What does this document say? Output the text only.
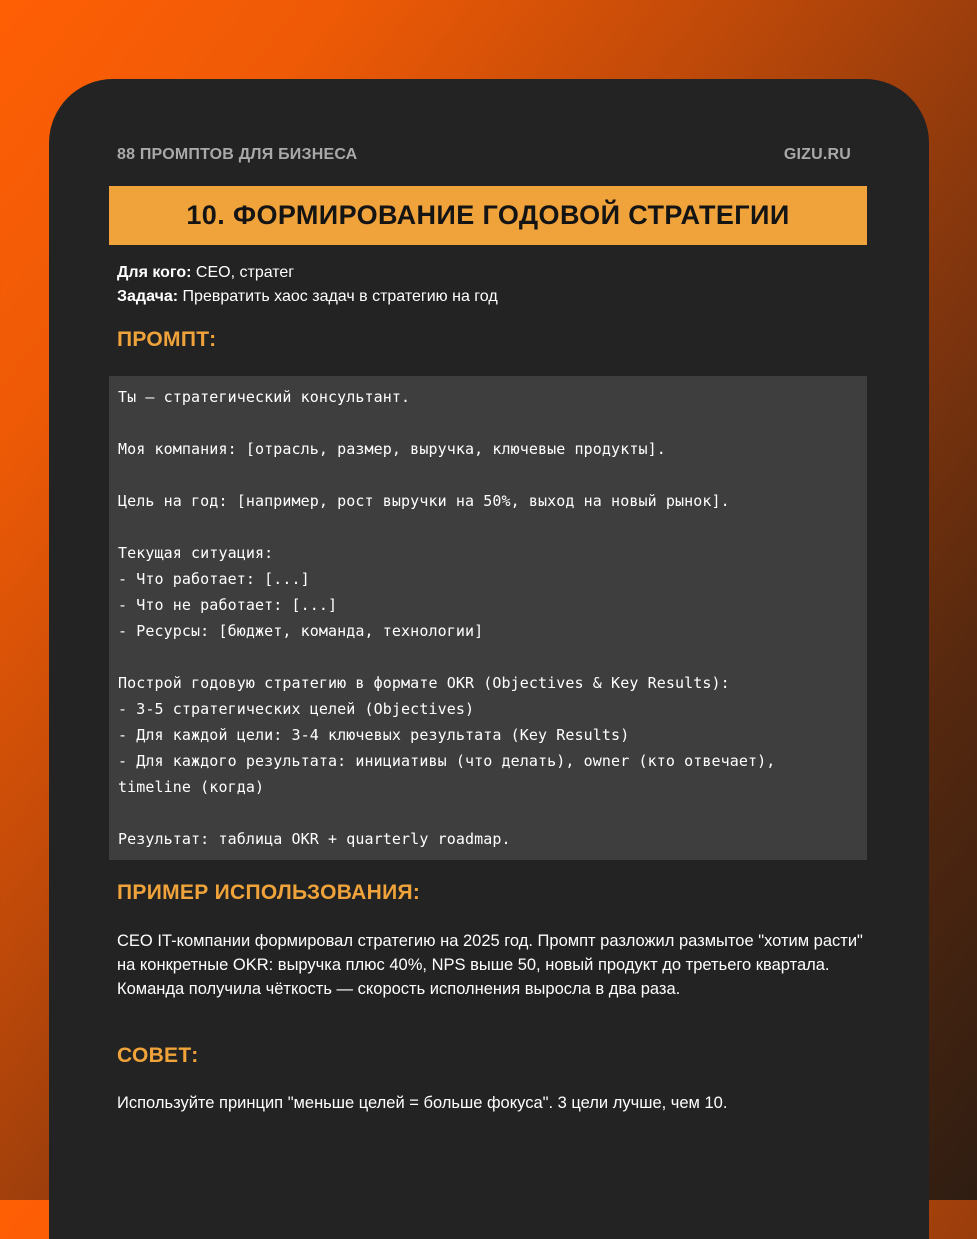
88 ПРОМПТОВ ДЛЯ БИЗНЕСА	GIZU.RU
10. ФОРМИРОВАНИЕ ГОДОВОЙ СТРАТЕГИИ
Для кого: CEO, стратег
Задача: Превратить хаос задач в стратегию на год
ПРОМПТ:
Ты — стратегический консультант.
Моя компания: [отрасль, размер, выручка, ключевые продукты].
Цель на год: [например, рост выручки на 50%, выход на новый рынок].
Текущая ситуация:
- Что работает: [...]
- Что не работает: [...]
- Ресурсы: [бюджет, команда, технологии]
Построй годовую стратегию в формате OKR (Objectives & Key Results):
- 3-5 стратегических целей (Objectives)
- Для каждой цели: 3-4 ключевых результата (Key Results)
- Для каждого результата: инициативы (что делать), owner (кто отвечает),
timeline (когда)
Результат: таблица OKR + quarterly roadmap.
ПРИМЕР ИСПОЛЬЗОВАНИЯ:
CEO IT-компании формировал стратегию на 2025 год. Промпт разложил размытое "хотим расти" на конкретные OKR: выручка плюс 40%, NPS выше 50, новый продукт до третьего квартала. Команда получила чёткость — скорость исполнения выросла в два раза.
СОВЕТ:
Используйте принцип "меньше целей = больше фокуса". 3 цели лучше, чем 10.
